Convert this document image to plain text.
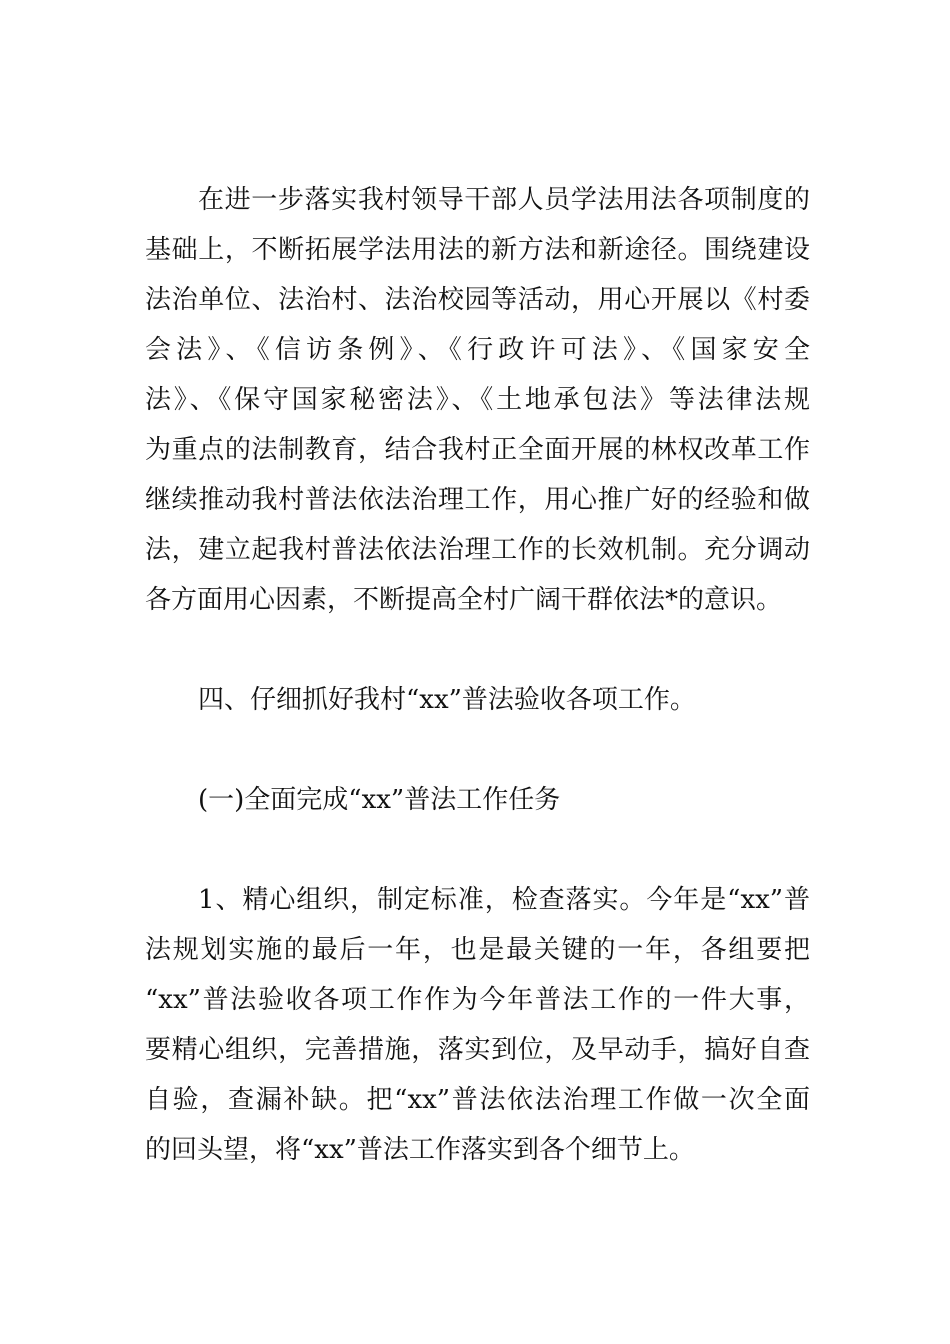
在进一步落实我村领导干部人员学法用法各项制度的
基础上，不断拓展学法用法的新方法和新途径。围绕建设
法治单位、法治村、法治校园等活动，用心开展以《村委
会法》、《信访条例》、《行政许可法》、《国家安全
法》、《保守国家秘密法》、《土地承包法》等法律法规
为重点的法制教育，结合我村正全面开展的林权改革工作
继续推动我村普法依法治理工作，用心推广好的经验和做
法，建立起我村普法依法治理工作的长效机制。充分调动
各方面用心因素，不断提高全村广阔干群依法*的意识。
四、仔细抓好我村“xx”普法验收各项工作。
(一)全面完成“xx”普法工作任务
1、精心组织，制定标准，检查落实。今年是“xx”普
法规划实施的最后一年，也是最关键的一年，各组要把
“xx”普法验收各项工作作为今年普法工作的一件大事，
要精心组织，完善措施，落实到位，及早动手，搞好自查
自验，查漏补缺。把“xx”普法依法治理工作做一次全面
的回头望，将“xx”普法工作落实到各个细节上。
